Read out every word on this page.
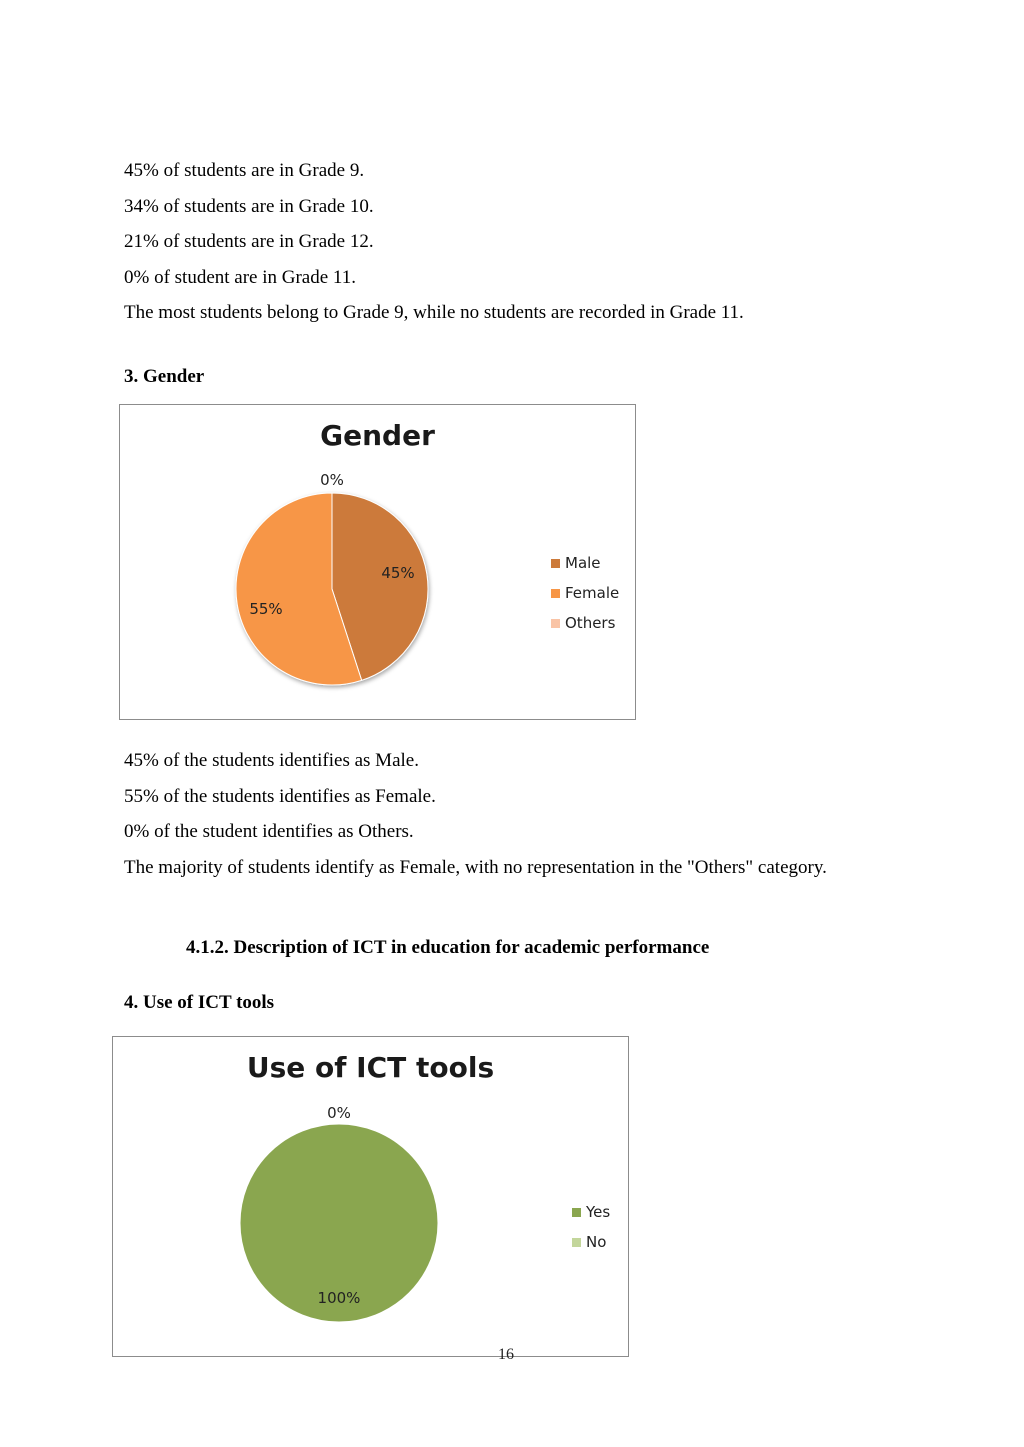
45% of students are in Grade 9.
34% of students are in Grade 10.
21% of students are in Grade 12.
0% of student are in Grade 11.
The most students belong to Grade 9, while no students are recorded in Grade 11.
3. Gender
Gender
45%
55%
0%
Male
Female
Others
45% of the students identifies as Male.
55% of the students identifies as Female.
0% of the student identifies as Others.
The majority of students identify as Female, with no representation in the "Others" category.
4.1.2. Description of ICT in education for academic performance
4. Use of ICT tools
Use of ICT tools
100%
0%
Yes
No
16
